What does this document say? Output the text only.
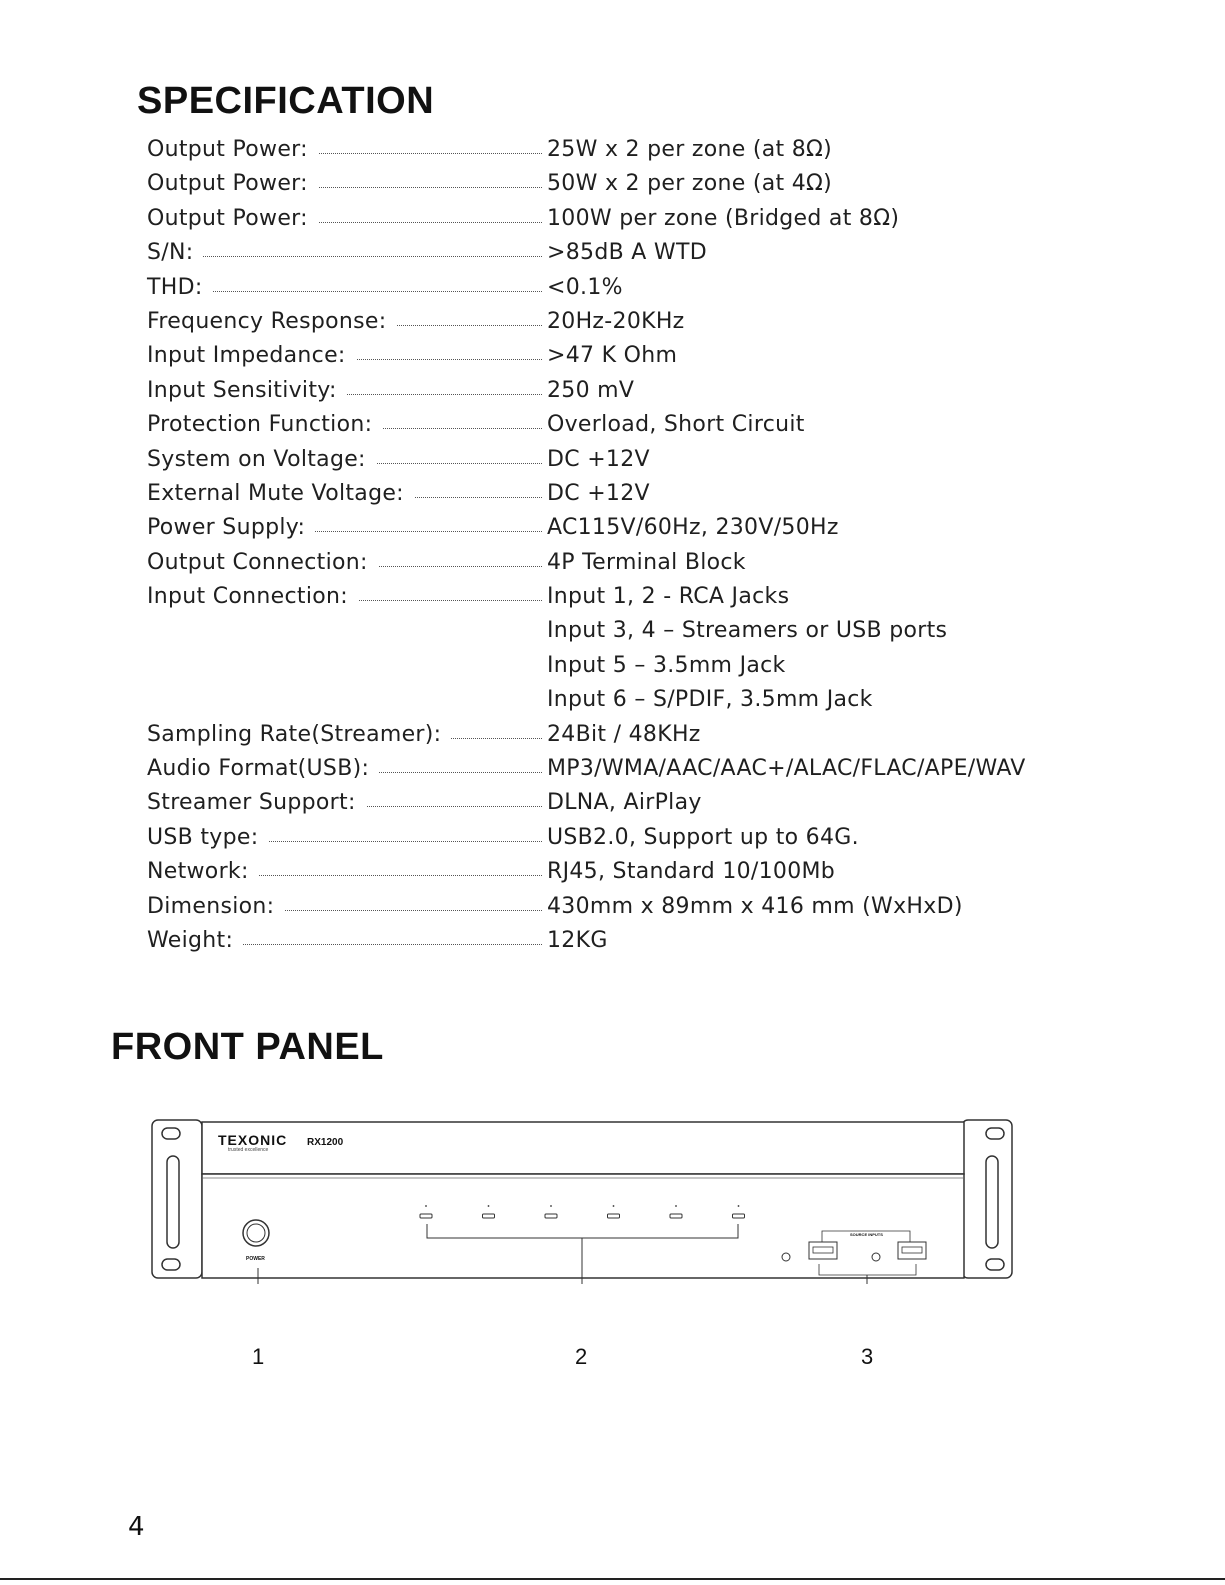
SPECIFICATION
Output Power:	25W x 2 per zone (at 8Ω)
Output Power:	50W x 2 per zone (at 4Ω)
Output Power:	100W per zone (Bridged at 8Ω)
S/N:	>85dB A WTD
THD:	<0.1%
Frequency Response:	20Hz-20KHz
Input Impedance:	>47 K Ohm
Input Sensitivity:	250 mV
Protection Function:	Overload, Short Circuit
System on Voltage:	DC +12V
External Mute Voltage:	DC +12V
Power Supply:	AC115V/60Hz, 230V/50Hz
Output Connection:	4P Terminal Block
Input Connection:	Input 1, 2 - RCA Jacks
Input 3, 4 – Streamers or USB ports
Input 5 – 3.5mm Jack
Input 6 – S/PDIF, 3.5mm Jack
Sampling Rate(Streamer):	24Bit / 48KHz
Audio Format(USB):	MP3/WMA/AAC/AAC+/ALAC/FLAC/APE/WAV
Streamer Support:	DLNA, AirPlay
USB type:	USB2.0, Support up to 64G.
Network:	RJ45, Standard 10/100Mb
Dimension:	430mm x 89mm x 416 mm (WxHxD)
Weight:	12KG
FRONT PANEL
TEXONIC RX1200
trusted excellence
POWER
SOURCE INPUTS
1	2	3
4
